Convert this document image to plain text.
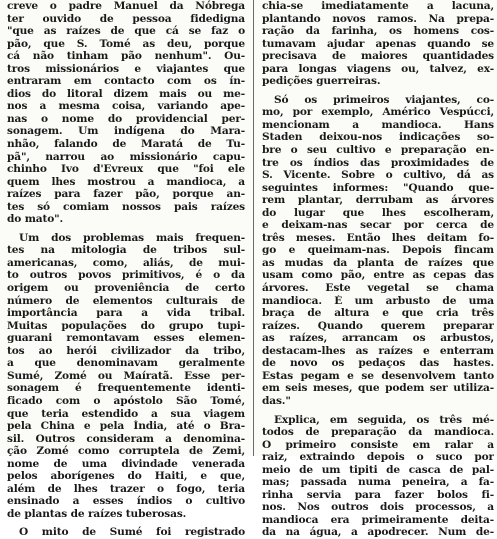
creve o padre Manuel da Nóbrega
ter ouvido de pessoa fidedigna
"que as raízes de que cá se faz o
pão, que S. Tomé as deu, porque
cá não tinham pão nenhum". Ou-
tros missionários e viajantes que
entraram em contacto com os ín-
dios do litoral dizem mais ou me-
nos a mesma coisa, variando ape-
nas o nome do providencial per-
sonagem. Um indígena do Mara-
nhão, falando de Maratá de Tu-
pã", narrou ao missionário capu-
chinho Ivo d'Evreux que "foi ele
quem lhes mostrou a mandioca, a
raízes para fazer pão, porque an-
tes só comiam nossos pais raízes
do mato".
Um dos problemas mais frequen-
tes na mitologia de tribos sul-
americanas, como, aliás, de mui-
to outros povos primitivos, é o da
origem ou proveniência de certo
número de elementos culturais de
importância para a vida tribal.
Muitas populações do grupo tupi-
guarani remontavam esses elemen-
tos ao herói civilizador da tribo,
a que denominavam geralmente
Sumé, Zomé ou Maíratã. Esse per-
sonagem é frequentemente identi-
ficado com o apóstolo São Tomé,
que teria estendido a sua viagem
pela China e pela Índia, até o Bra-
sil. Outros consideram a denomina-
ção Zomé como corruptela de Zemi,
nome de uma divindade venerada
pelos aborígenes do Haiti, e que,
além de lhes trazer o fogo, teria
ensinado a esses índios o cultivo
de plantas de raízes tuberosas.
O mito de Sumé foi registrado
chia-se imediatamente a lacuna,
plantando novos ramos. Na prepa-
ração da farinha, os homens cos-
tumavam ajudar apenas quando se
precisava de maiores quantidades
para longas viagens ou, talvez, ex-
pedições guerreiras.
Só os primeiros viajantes, co-
mo, por exemplo, Américo Vespúcci,
mencionam a mandioca. Hans
Staden deixou-nos indicações so-
bre o seu cultivo e preparação en-
tre os índios das proximidades de
S. Vicente. Sobre o cultivo, dá as
seguintes informes: "Quando que-
rem plantar, derrubam as árvores
do lugar que lhes escolheram,
e deixam-nas secar por cerca de
três meses. Então lhes deitam fo-
go e queimam-nas. Depois fincam
as mudas da planta de raízes que
usam como pão, entre as cepas das
árvores. Este vegetal se chama
mandioca. É um arbusto de uma
braça de altura e que cria três
raízes. Quando querem preparar
as raízes, arrancam os arbustos,
destacam-lhes as raízes e enterram
de novo os pedaços das hastes.
Estas pegam e se desenvolvem tanto
em seis meses, que podem ser utiliza-
das."
Explica, em seguida, os três mé-
todos de preparação da mandioca.
O primeiro consiste em ralar a
raiz, extraindo depois o suco por
meio de um tipiti de casca de pal-
mas; passada numa peneira, a fa-
rinha servia para fazer bolos fi-
nos. Nos outros dois processos, a
mandioca era primeiramente deita-
da na água, a apodrecer. Num de-
